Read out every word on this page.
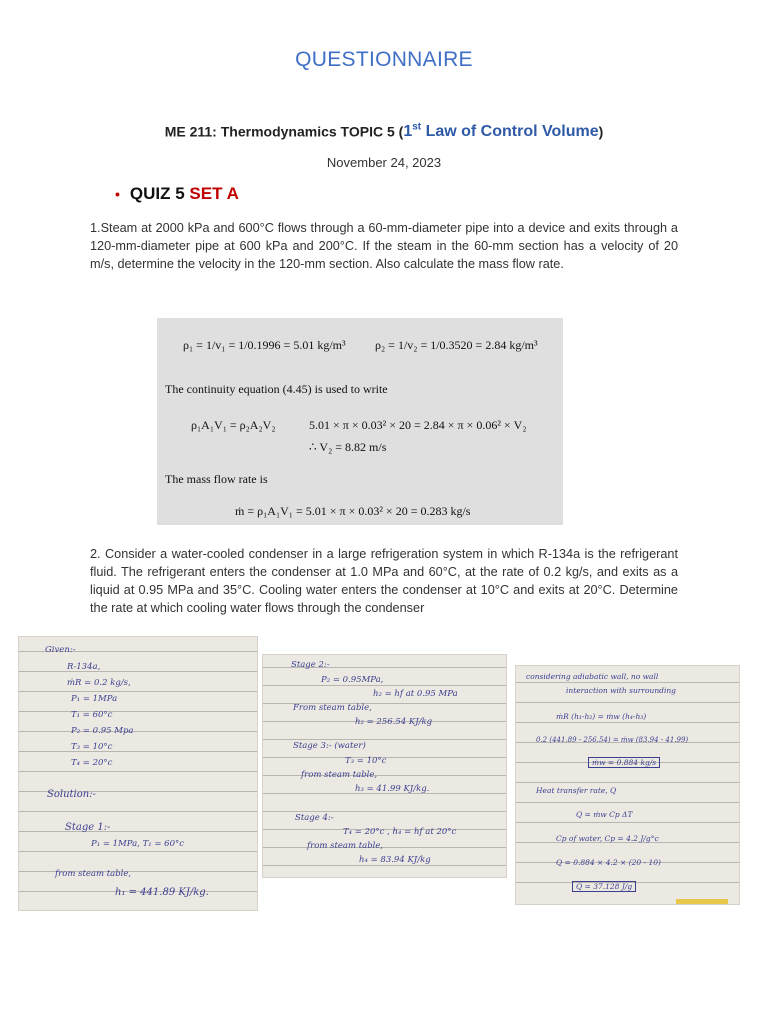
QUESTIONNAIRE
ME 211: Thermodynamics TOPIC 5 (1st Law of Control Volume)
November 24, 2023
• QUIZ 5 SET A
1.Steam at 2000 kPa and 600°C flows through a 60-mm-diameter pipe into a device and exits through a 120-mm-diameter pipe at 600 kPa and 200°C. If the steam in the 60-mm section has a velocity of 20 m/s, determine the velocity in the 120-mm section. Also calculate the mass flow rate.
ρ₁ = 1/v₁ = 1/0.1996 = 5.01 kg/m³ ρ₂ = 1/v₂ = 1/0.3520 = 2.84 kg/m³
The continuity equation (4.45) is used to write
ρ₁A₁V₁ = ρ₂A₂V₂	5.01 × π × 0.03² × 20 = 2.84 × π × 0.06² × V₂
∴ V₂ = 8.82 m/s
The mass flow rate is
ṁ = ρ₁A₁V₁ = 5.01 × π × 0.03² × 20 = 0.283 kg/s
2. Consider a water-cooled condenser in a large refrigeration system in which R-134a is the refrigerant fluid. The refrigerant enters the condenser at 1.0 MPa and 60°C, at the rate of 0.2 kg/s, and exits as a liquid at 0.95 MPa and 35°C. Cooling water enters the condenser at 10°C and exits at 20°C. Determine the rate at which cooling water flows through the condenser
Given:-
R-134a,
ṁR = 0.2 kg/s,
P₁ = 1MPa
T₁ = 60°c
P₂ = 0.95 Mpa
T₃ = 10°c
T₄ = 20°c
Solution:-
Stage 1:-
P₁ = 1MPa, T₁ = 60°c
from steam table,
h₁ = 441.89 KJ/kg.
Stage 2:-
P₂ = 0.95MPa,
h₂ = hf at 0.95 MPa
From steam table,
h₂ = 256.54 KJ/kg
Stage 3:- (water)
T₃ = 10°c
from steam table,
h₃ = 41.99 KJ/kg.
Stage 4:-
T₄ = 20°c , h₄ = hf at 20°c
from steam table,
h₄ = 83.94 KJ/kg
considering adiabatic wall, no wall
interaction with surrounding
ṁR (h₁-h₂) = ṁw (h₄-h₃)
0.2 (441.89 - 256.54) = ṁw (83.94 - 41.99)
ṁw = 0.884 kg/s
Heat transfer rate, Q
Q = ṁw Cp ΔT
Cp of water, Cp = 4.2 J/g°c
Q = 0.884 × 4.2 × (20 - 10)
Q = 37.128 J/g
